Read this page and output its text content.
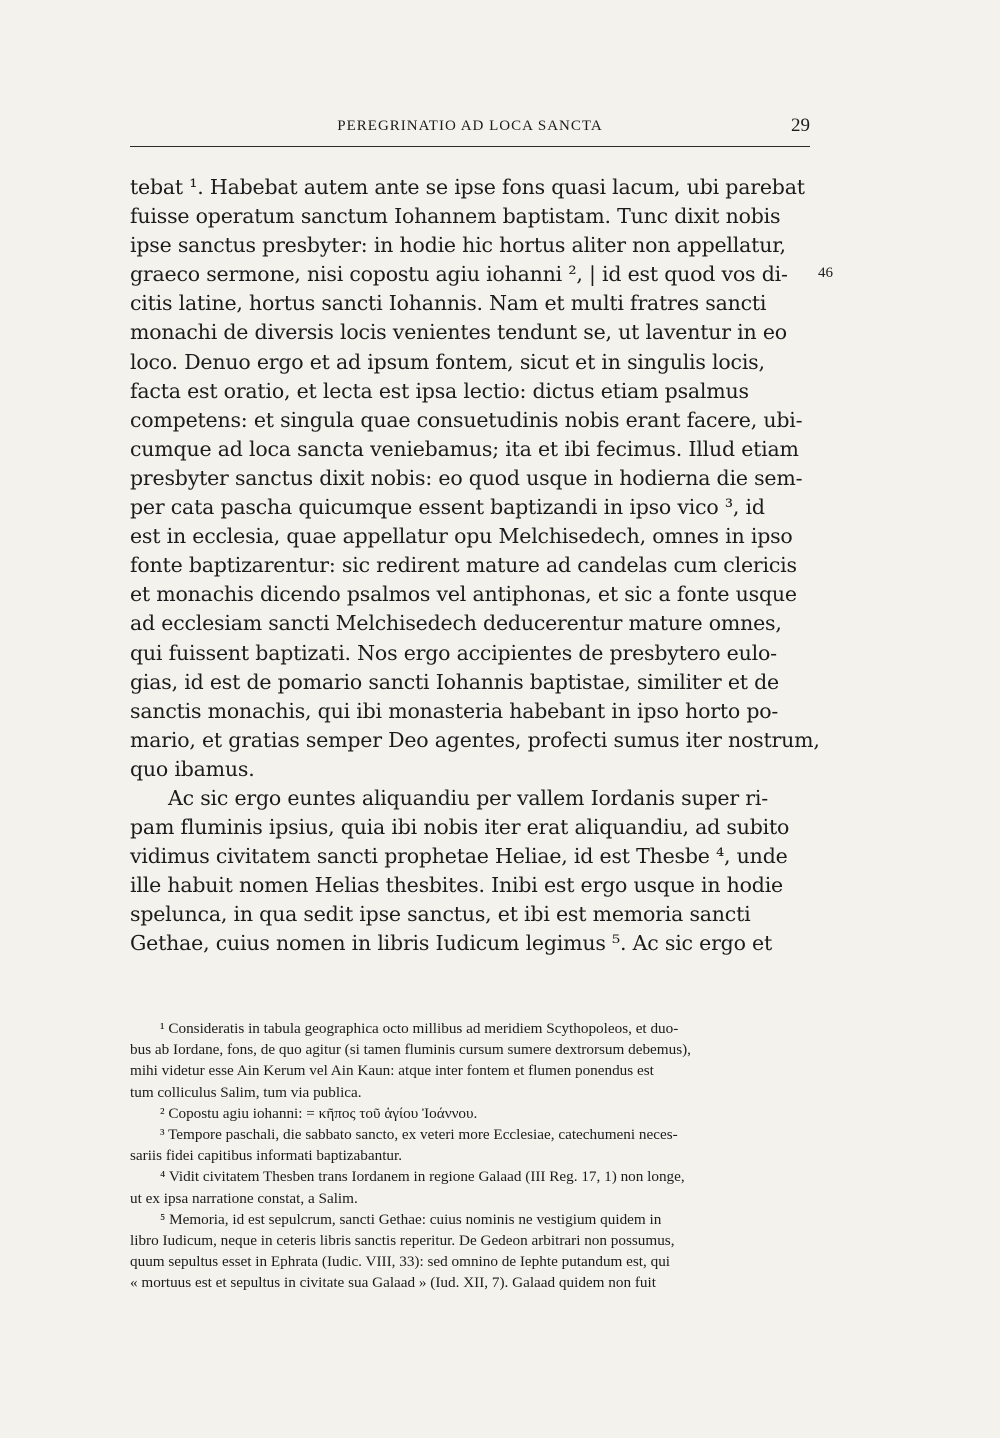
PEREGRINATIO AD LOCA SANCTA	29
46
tebat ¹. Habebat autem ante se ipse fons quasi lacum, ubi parebat
fuisse operatum sanctum Iohannem baptistam. Tunc dixit nobis
ipse sanctus presbyter: in hodie hic hortus aliter non appellatur,
graeco sermone, nisi copostu agiu iohanni ², | id est quod vos di-
citis latine, hortus sancti Iohannis. Nam et multi fratres sancti
monachi de diversis locis venientes tendunt se, ut laventur in eo
loco. Denuo ergo et ad ipsum fontem, sicut et in singulis locis,
facta est oratio, et lecta est ipsa lectio: dictus etiam psalmus
competens: et singula quae consuetudinis nobis erant facere, ubi-
cumque ad loca sancta veniebamus; ita et ibi fecimus. Illud etiam
presbyter sanctus dixit nobis: eo quod usque in hodierna die sem-
per cata pascha quicumque essent baptizandi in ipso vico ³, id
est in ecclesia, quae appellatur opu Melchisedech, omnes in ipso
fonte baptizarentur: sic redirent mature ad candelas cum clericis
et monachis dicendo psalmos vel antiphonas, et sic a fonte usque
ad ecclesiam sancti Melchisedech deducerentur mature omnes,
qui fuissent baptizati. Nos ergo accipientes de presbytero eulo-
gias, id est de pomario sancti Iohannis baptistae, similiter et de
sanctis monachis, qui ibi monasteria habebant in ipso horto po-
mario, et gratias semper Deo agentes, profecti sumus iter nostrum,
quo ibamus.
Ac sic ergo euntes aliquandiu per vallem Iordanis super ri-
pam fluminis ipsius, quia ibi nobis iter erat aliquandiu, ad subito
vidimus civitatem sancti prophetae Heliae, id est Thesbe ⁴, unde
ille habuit nomen Helias thesbites. Inibi est ergo usque in hodie
spelunca, in qua sedit ipse sanctus, et ibi est memoria sancti
Gethae, cuius nomen in libris Iudicum legimus ⁵. Ac sic ergo et
¹ Consideratis in tabula geographica octo millibus ad meridiem Scythopoleos, et duo-
bus ab Iordane, fons, de quo agitur (si tamen fluminis cursum sumere dextrorsum debemus),
mihi videtur esse Ain Kerum vel Ain Kaun: atque inter fontem et flumen ponendus est
tum colliculus Salim, tum via publica.
² Copostu agiu iohanni: = κῆπος τοῦ ἁγίου Ἰοάννου.
³ Tempore paschali, die sabbato sancto, ex veteri more Ecclesiae, catechumeni neces-
sariis fidei capitibus informati baptizabantur.
⁴ Vidit civitatem Thesben trans Iordanem in regione Galaad (III Reg. 17, 1) non longe,
ut ex ipsa narratione constat, a Salim.
⁵ Memoria, id est sepulcrum, sancti Gethae: cuius nominis ne vestigium quidem in
libro Iudicum, neque in ceteris libris sanctis reperitur. De Gedeon arbitrari non possumus,
quum sepultus esset in Ephrata (Iudic. VIII, 33): sed omnino de Iephte putandum est, qui
« mortuus est et sepultus in civitate sua Galaad » (Iud. XII, 7). Galaad quidem non fuit
